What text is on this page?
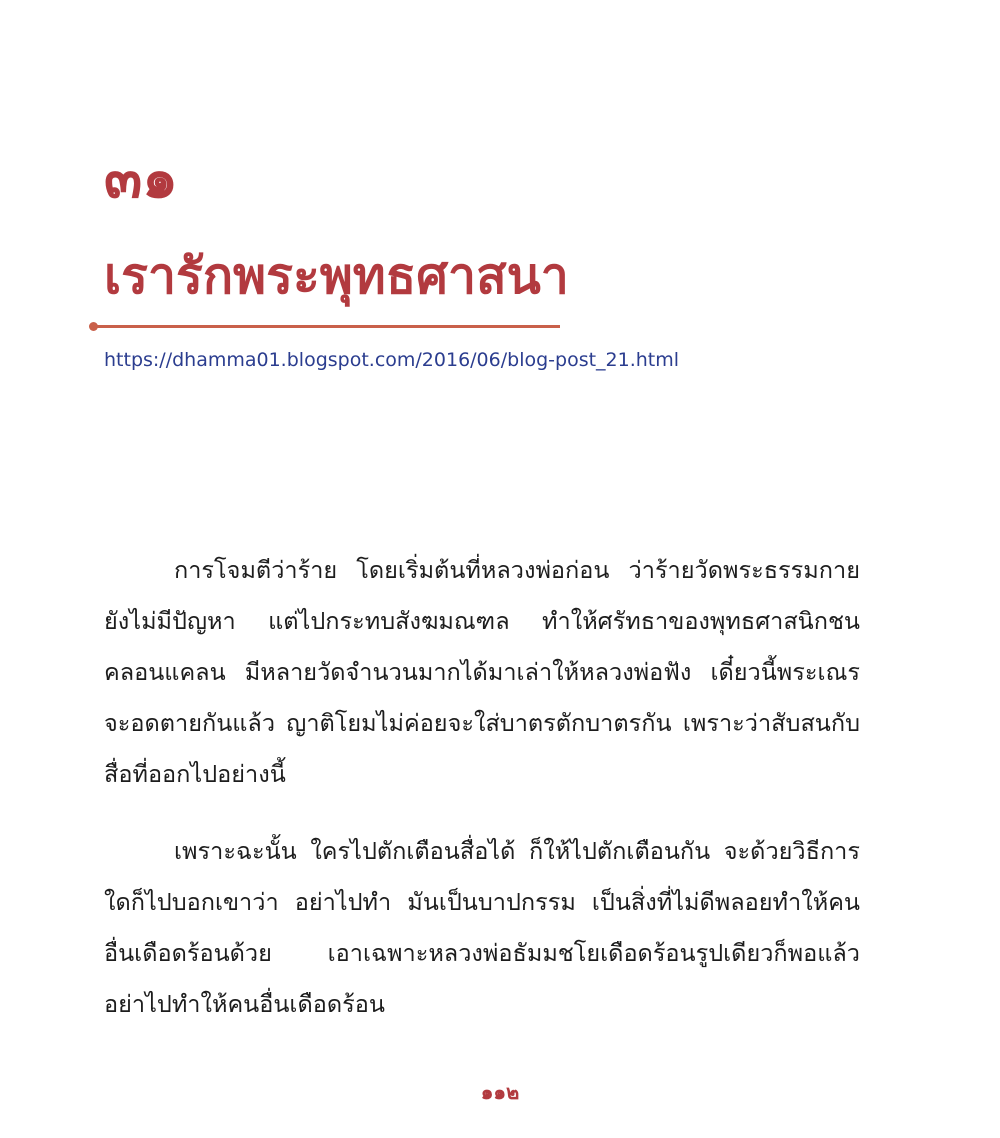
๓๑
เรารักพระพุทธศาสนา
https://dhamma01.blogspot.com/2016/06/blog-post_21.html

การโจมตีว่าร้าย โดยเริ่มต้นที่หลวงพ่อก่อน ว่าร้ายวัดพระธรรมกายยังไม่มีปัญหา แต่ไปกระทบสังฆมณฑล ทำให้ศรัทธาของพุทธศาสนิกชนคลอนแคลน มีหลายวัดจำนวนมากได้มาเล่าให้หลวงพ่อฟัง เดี๋ยวนี้พระเณรจะอดตายกันแล้ว ญาติโยมไม่ค่อยจะใส่บาตรตักบาตรกัน เพราะว่าสับสนกับสื่อที่ออกไปอย่างนี้

เพราะฉะนั้น ใครไปตักเตือนสื่อได้ ก็ให้ไปตักเตือนกัน จะด้วยวิธีการใดก็ไปบอกเขาว่า อย่าไปทำ มันเป็นบาปกรรม เป็นสิ่งที่ไม่ดีพลอยทำให้คนอื่นเดือดร้อนด้วย เอาเฉพาะหลวงพ่อธัมมชโยเดือดร้อนรูปเดียวก็พอแล้ว อย่าไปทำให้คนอื่นเดือดร้อน

๑๑๒
